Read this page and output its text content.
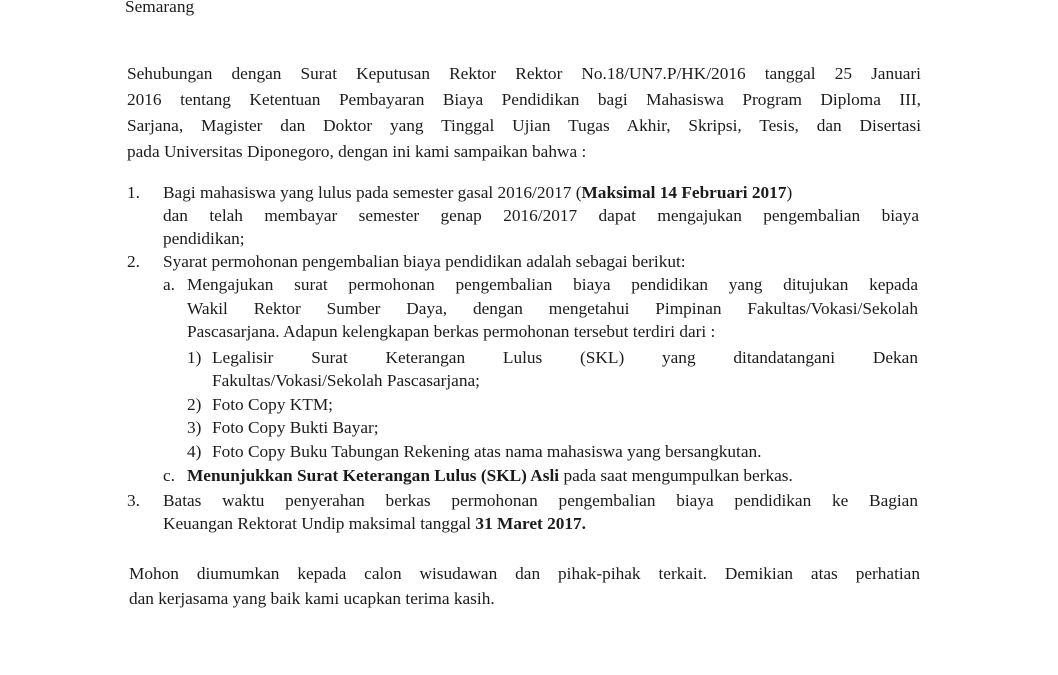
Semarang
Sehubungan dengan Surat Keputusan Rektor Rektor No.18/UN7.P/HK/2016 tanggal 25 Januari
2016 tentang Ketentuan Pembayaran Biaya Pendidikan bagi Mahasiswa Program Diploma III,
Sarjana, Magister dan Doktor yang Tinggal Ujian Tugas Akhir, Skripsi, Tesis, dan Disertasi
pada Universitas Diponegoro, dengan ini kami sampaikan bahwa :
1. Bagi mahasiswa yang lulus pada semester gasal 2016/2017 (Maksimal 14 Februari 2017)
dan telah membayar semester genap 2016/2017 dapat mengajukan pengembalian biaya
pendidikan;
2. Syarat permohonan pengembalian biaya pendidikan adalah sebagai berikut:
a. Mengajukan surat permohonan pengembalian biaya pendidikan yang ditujukan kepada
Wakil Rektor Sumber Daya, dengan mengetahui Pimpinan Fakultas/Vokasi/Sekolah
Pascasarjana. Adapun kelengkapan berkas permohonan tersebut terdiri dari :
1) Legalisir Surat Keterangan Lulus (SKL) yang ditandatangani Dekan
Fakultas/Vokasi/Sekolah Pascasarjana;
2) Foto Copy KTM;
3) Foto Copy Bukti Bayar;
4) Foto Copy Buku Tabungan Rekening atas nama mahasiswa yang bersangkutan.
c. Menunjukkan Surat Keterangan Lulus (SKL) Asli pada saat mengumpulkan berkas.
3. Batas waktu penyerahan berkas permohonan pengembalian biaya pendidikan ke Bagian
Keuangan Rektorat Undip maksimal tanggal 31 Maret 2017.
Mohon diumumkan kepada calon wisudawan dan pihak-pihak terkait. Demikian atas perhatian
dan kerjasama yang baik kami ucapkan terima kasih.
